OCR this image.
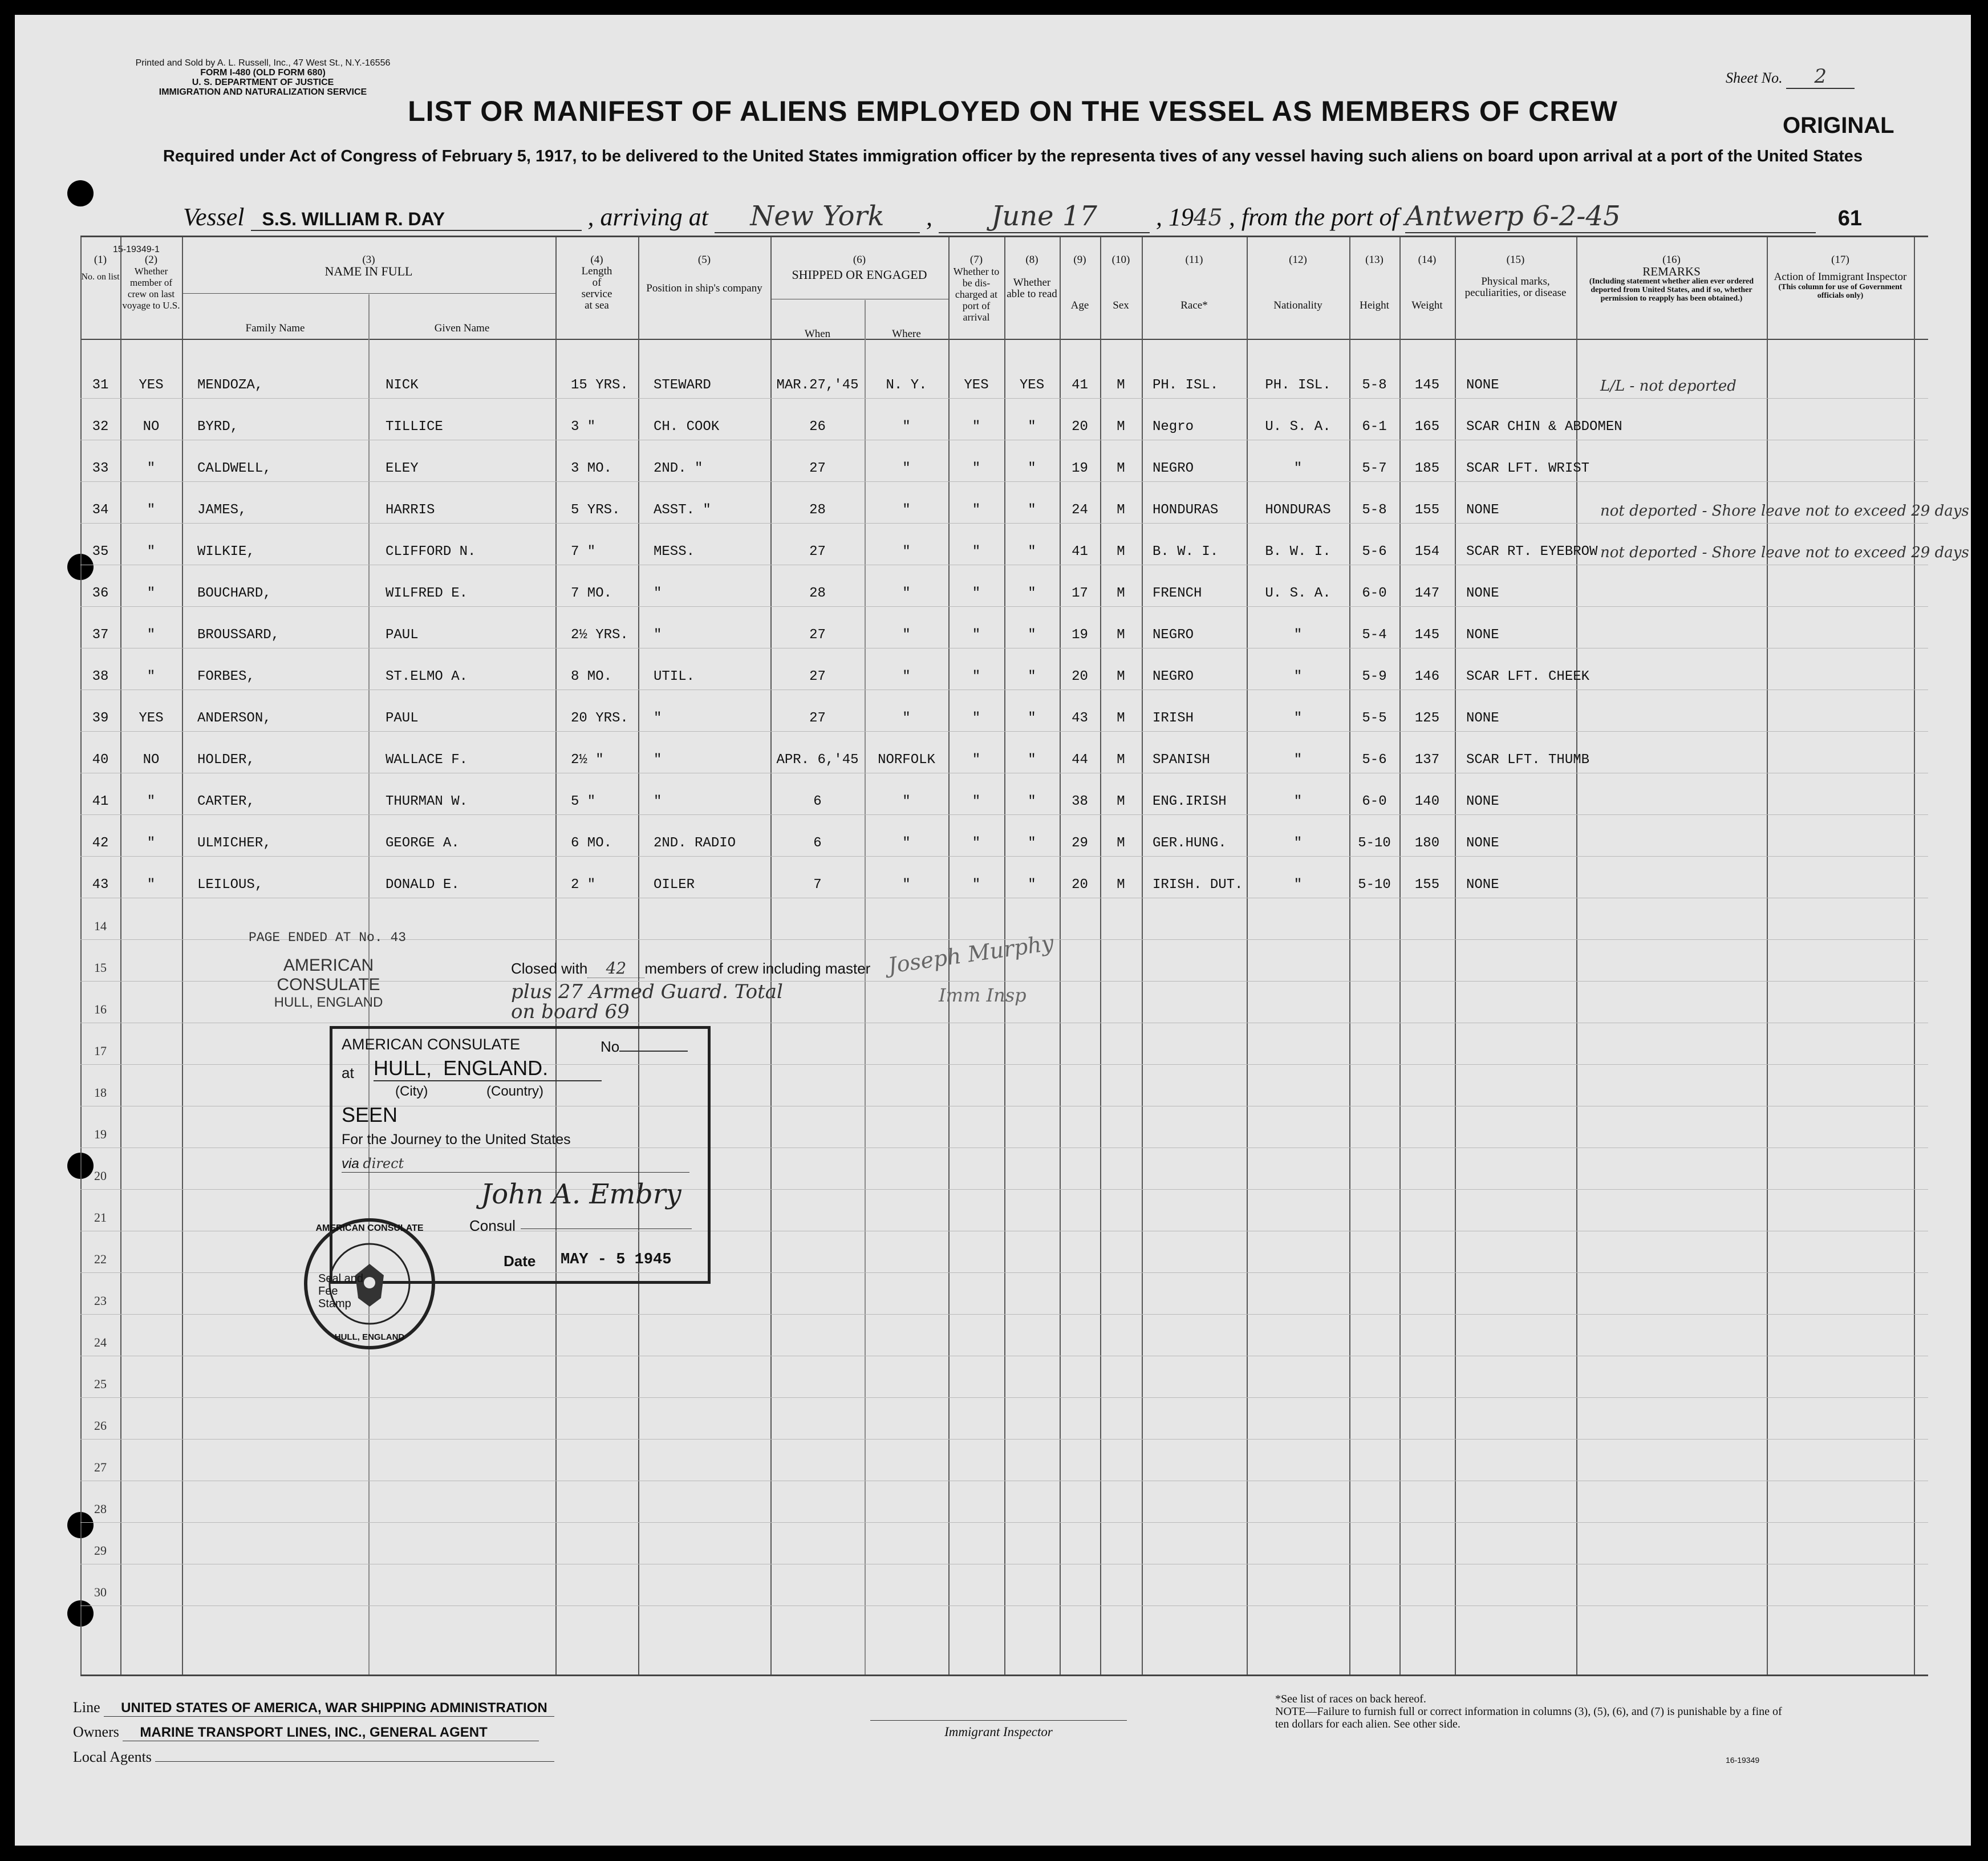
Printed and Sold by A. L. Russell, Inc., 47 West St., N.Y.-16556
FORM I-480 (OLD FORM 680)
U. S. DEPARTMENT OF JUSTICE
IMMIGRATION AND NATURALIZATION SERVICE
Sheet No. 2
LIST OR MANIFEST OF ALIENS EMPLOYED ON THE VESSEL AS MEMBERS OF CREW	ORIGINAL
Required under Act of Congress of February 5, 1917, to be delivered to the United States immigration officer by the representa tives of any vessel having such aliens on board upon arrival at a port of the United States
Vessel S.S. WILLIAM R. DAY	, arriving at New York , June 17 , 1945 , from the port of Antwerp 6-2-45	61
15-19349-1
(1)
No. on list
(2)
Whether member of crew on last voyage to U.S.
(3)
NAME IN FULL
Family Name	Given Name
(4)
Length of service at sea
(5)
Position in ship's company
(6)
SHIPPED OR ENGAGED
When	Where
(7)
Whether to be dis-charged at port of arrival
(8)
Whether able to read
(9)
Age
(10)
Sex
(11)
Race*
(12)
Nationality
(13)
Height
(14)
Weight
(15)
Physical marks, peculiarities, or disease
(16)
REMARKS
(Including statement whether alien ever ordered deported from United States, and if so, whether permission to reapply has been obtained.)
(17)
Action of Immigrant Inspector
(This column for use of Government officials only)
31	YES	MENDOZA,	NICK	15 YRS.	STEWARD	MAR.27,'45	N. Y.	YES	YES	41	M	PH. ISL.	PH. ISL.	5-8	145	NONE	L/L - not deported
32	NO	BYRD,	TILLICE	3 "	CH. COOK	26	"	"	"	20	M	Negro	U. S. A.	6-1	165	SCAR CHIN & ABDOMEN
33	"	CALDWELL,	ELEY	3 MO.	2ND. "	27	"	"	"	19	M	NEGRO	"	5-7	185	SCAR LFT. WRIST
34	"	JAMES,	HARRIS	5 YRS.	ASST. "	28	"	"	"	24	M	HONDURAS	HONDURAS	5-8	155	NONE	not deported - Shore leave not to exceed 29 days
35	"	WILKIE,	CLIFFORD N.	7 "	MESS.	27	"	"	"	41	M	B. W. I.	B. W. I.	5-6	154	SCAR RT. EYEBROW not deported - Shore leave not to exceed 29 days
36	"	BOUCHARD,	WILFRED E.	7 MO.	"	28	"	"	"	17	M	FRENCH	U. S. A.	6-0	147	NONE
37	"	BROUSSARD,	PAUL	2½ YRS.	"	27	"	"	"	19	M	NEGRO	"	5-4	145	NONE
38	"	FORBES,	ST.ELMO A.	8 MO.	UTIL.	27	"	"	"	20	M	NEGRO	"	5-9	146	SCAR LFT. CHEEK
39	YES	ANDERSON,	PAUL	20 YRS.	"	27	"	"	"	43	M	IRISH	"	5-5	125	NONE
40	NO	HOLDER,	WALLACE F.	2½ "	"	APR. 6,'45	NORFOLK	"	"	44	M	SPANISH	"	5-6	137	SCAR LFT. THUMB
41	"	CARTER,	THURMAN W.	5 "	"	6	"	"	"	38	M	ENG.IRISH	"	6-0	140	NONE
42	"	ULMICHER,	GEORGE A.	6 MO.	2ND. RADIO	6	"	"	"	29	M	GER.HUNG.	"	5-10	180	NONE
43	"	LEILOUS,	DONALD E.	2 "	OILER	7	"	"	"	20	M	IRISH. DUT.	"	5-10	155	NONE
14
15
16
17
18
19
20
21
22
23
24
25
26
27
28
29
30
PAGE ENDED AT No. 43
AMERICAN CONSULATE
HULL, ENGLAND
Closed with 42 members of crew including master
plus 27 Armed Guard. Total
on board 69
Joseph Murphy
Imm Insp
AMERICAN CONSULATE	No
at HULL, ENGLAND.
(City)	(Country)
SEEN
For the Journey to the United States
via direct
John A. Embry
Consul
Date MAY - 5 1945
AMERICAN CONSULATE
HULL, ENGLAND
Seal and Fee Stamp
Line UNITED STATES OF AMERICA, WAR SHIPPING ADMINISTRATION
Owners MARINE TRANSPORT LINES, INC., GENERAL AGENT
Local Agents
Immigrant Inspector
*See list of races on back hereof.
NOTE—Failure to furnish full or correct information in columns (3), (5), (6), and (7) is punishable by a fine of ten dollars for each alien. See other side.
16-19349
